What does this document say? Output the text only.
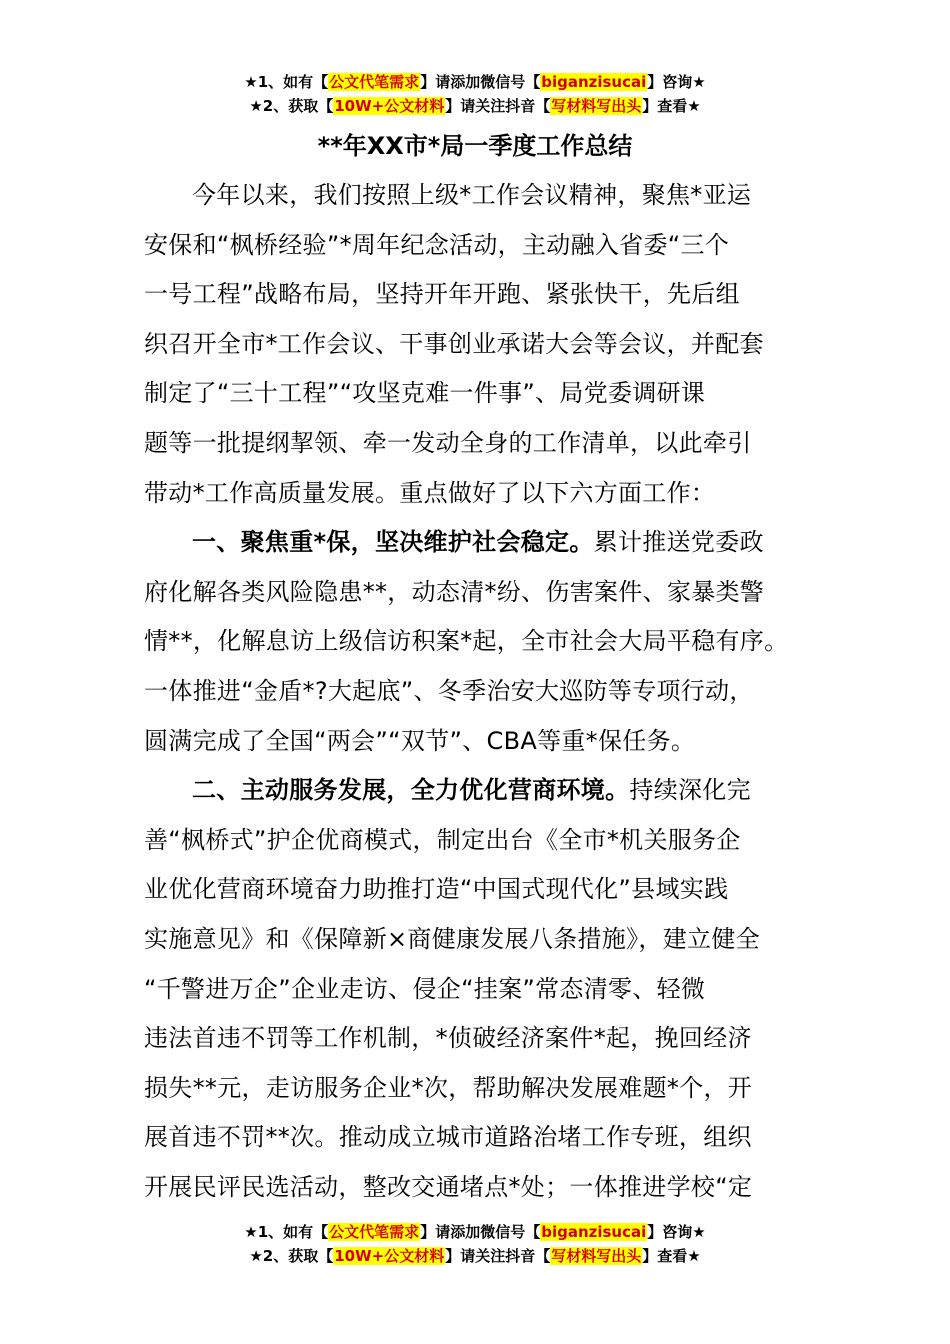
★1、如有【公文代笔需求】请添加微信号【biganzisucai】咨询★
★2、获取【10W+公文材料】请关注抖音【写材料写出头】查看★
**年XX市*局一季度工作总结

今年以来，我们按照上级*工作会议精神，聚焦*亚运
安保和“枫桥经验”*周年纪念活动，主动融入省委“三个
一号工程”战略布局，坚持开年开跑、紧张快干，先后组
织召开全市*工作会议、干事创业承诺大会等会议，并配套
制定了“三十工程”“攻坚克难一件事”、局党委调研课
题等一批提纲挈领、牵一发动全身的工作清单，以此牵引
带动*工作高质量发展。重点做好了以下六方面工作：

一、聚焦重*保，坚决维护社会稳定。累计推送党委政
府化解各类风险隐患**，动态清*纷、伤害案件、家暴类警
情**，化解息访上级信访积案*起，全市社会大局平稳有序。
一体推进“金盾*?大起底”、冬季治安大巡防等专项行动，
圆满完成了全国“两会”“双节”、CBA等重*保任务。

二、主动服务发展，全力优化营商环境。持续深化完
善“枫桥式”护企优商模式，制定出台《全市*机关服务企
业优化营商环境奋力助推打造“中国式现代化”县域实践
实施意见》和《保障新×商健康发展八条措施》，建立健全
“千警进万企”企业走访、侵企“挂案”常态清零、轻微
违法首违不罚等工作机制，*侦破经济案件*起，挽回经济
损失**元，走访服务企业*次，帮助解决发展难题*个，开
展首违不罚**次。推动成立城市道路治堵工作专班，组织
开展民评民选活动，整改交通堵点*处；一体推进学校“定

★1、如有【公文代笔需求】请添加微信号【biganzisucai】咨询★
★2、获取【10W+公文材料】请关注抖音【写材料写出头】查看★
